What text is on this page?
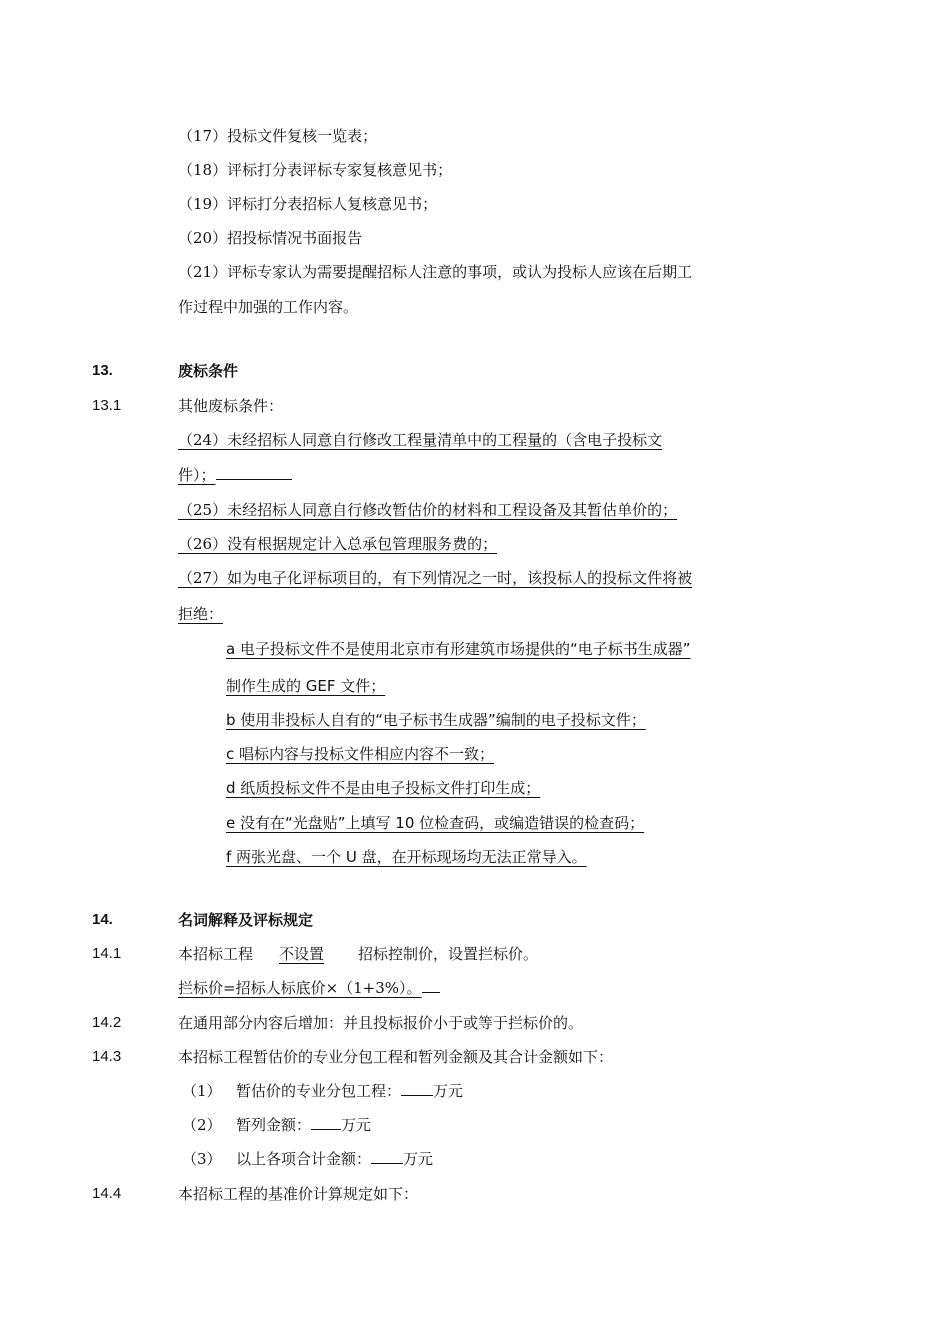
（17）投标文件复核一览表；
（18）评标打分表评标专家复核意见书；
（19）评标打分表招标人复核意见书；
（20）招投标情况书面报告
（21）评标专家认为需要提醒招标人注意的事项，或认为投标人应该在后期工
作过程中加强的工作内容。
13.	废标条件
13.1	其他废标条件：
（24）未经招标人同意自行修改工程量清单中的工程量的（含电子投标文
件）；
（25）未经招标人同意自行修改暂估价的材料和工程设备及其暂估单价的；
（26）没有根据规定计入总承包管理服务费的；
（27）如为电子化评标项目的，有下列情况之一时，该投标人的投标文件将被
拒绝：
a 电子投标文件不是使用北京市有形建筑市场提供的“电子标书生成器”
制作生成的 GEF 文件；
b 使用非投标人自有的“电子标书生成器”编制的电子投标文件；
c 唱标内容与投标文件相应内容不一致；
d 纸质投标文件不是由电子投标文件打印生成；
e 没有在“光盘贴”上填写 10 位检查码，或编造错误的检查码；
f 两张光盘、一个 U 盘，在开标现场均无法正常导入。
14.	名词解释及评标规定
14.1	本招标工程 不设置 招标控制价，设置拦标价。
拦标价=招标人标底价×（1+3%）。
14.2	在通用部分内容后增加：并且投标报价小于或等于拦标价的。
14.3	本招标工程暂估价的专业分包工程和暂列金额及其合计金额如下：
（1） 暂估价的专业分包工程： 万元
（2） 暂列金额： 万元
（3） 以上各项合计金额： 万元
14.4	本招标工程的基准价计算规定如下：
